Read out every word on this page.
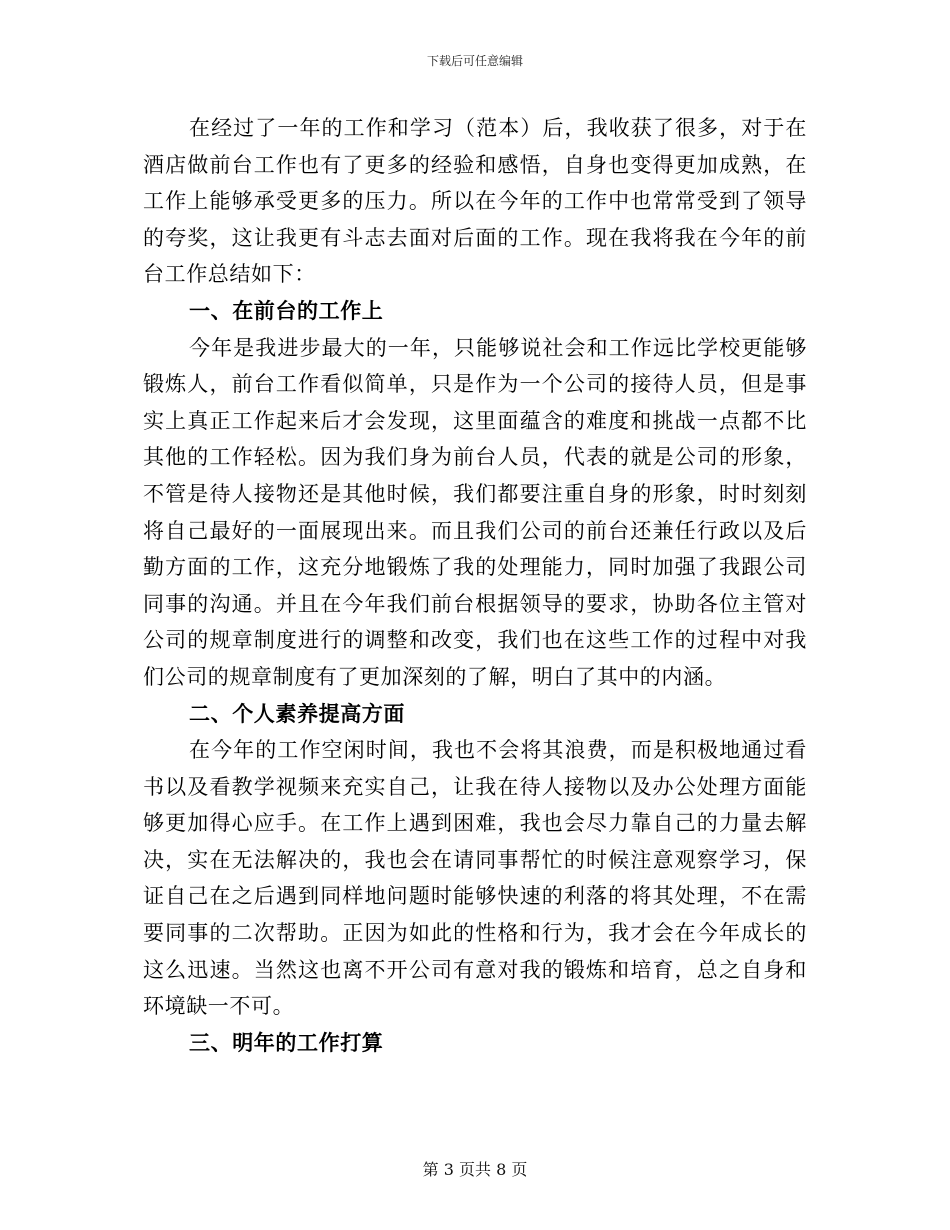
下载后可任意编辑

在经过了一年的工作和学习（范本）后，我收获了很多，对于在酒店做前台工作也有了更多的经验和感悟，自身也变得更加成熟，在工作上能够承受更多的压力。所以在今年的工作中也常常受到了领导的夸奖，这让我更有斗志去面对后面的工作。现在我将我在今年的前台工作总结如下：

一、在前台的工作上

今年是我进步最大的一年，只能够说社会和工作远比学校更能够锻炼人，前台工作看似简单，只是作为一个公司的接待人员，但是事实上真正工作起来后才会发现，这里面蕴含的难度和挑战一点都不比其他的工作轻松。因为我们身为前台人员，代表的就是公司的形象，不管是待人接物还是其他时候，我们都要注重自身的形象，时时刻刻将自己最好的一面展现出来。而且我们公司的前台还兼任行政以及后勤方面的工作，这充分地锻炼了我的处理能力，同时加强了我跟公司同事的沟通。并且在今年我们前台根据领导的要求，协助各位主管对公司的规章制度进行的调整和改变，我们也在这些工作的过程中对我们公司的规章制度有了更加深刻的了解，明白了其中的内涵。

二、个人素养提高方面

在今年的工作空闲时间，我也不会将其浪费，而是积极地通过看书以及看教学视频来充实自己，让我在待人接物以及办公处理方面能够更加得心应手。在工作上遇到困难，我也会尽力靠自己的力量去解决，实在无法解决的，我也会在请同事帮忙的时候注意观察学习，保证自己在之后遇到同样地问题时能够快速的利落的将其处理，不在需要同事的二次帮助。正因为如此的性格和行为，我才会在今年成长的这么迅速。当然这也离不开公司有意对我的锻炼和培育，总之自身和环境缺一不可。

三、明年的工作打算

第 3 页共 8 页
